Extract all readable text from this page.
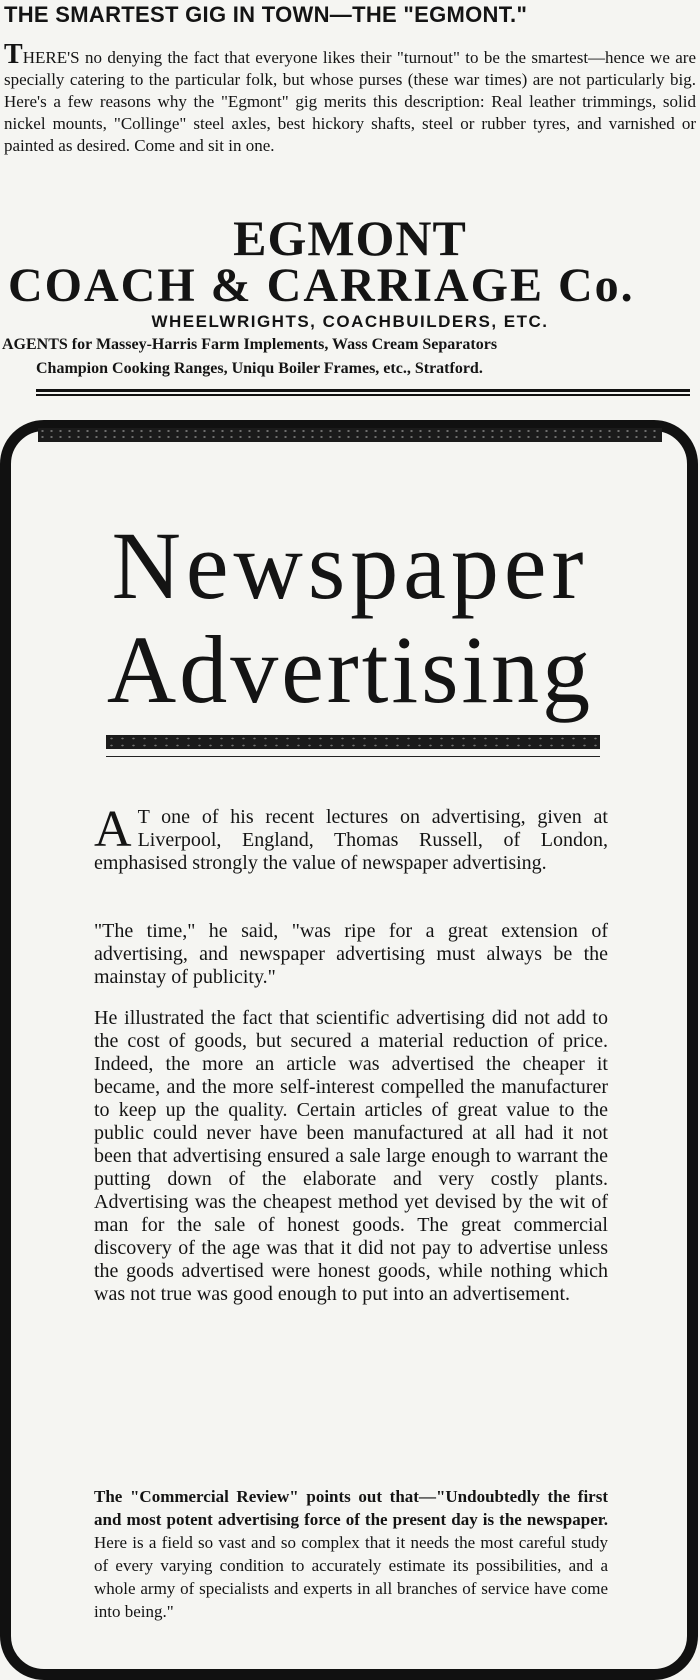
THE SMARTEST GIG IN TOWN—THE "EGMONT."

THERE'S no denying the fact that everyone likes their "turnout" to be the smartest—hence we are specially catering to the particular folk, but whose purses (these war times) are not particularly big. Here's a few reasons why the "Egmont" gig merits this description: Real leather trimmings, solid nickel mounts, "Collinge" steel axles, best hickory shafts, steel or rubber tyres, and varnished or painted as desired. Come and sit in one.

EGMONT
COACH & CARRIAGE Co.
WHEELWRIGHTS, COACHBUILDERS, ETC.
AGENTS for Massey-Harris Farm Implements, Wass Cream Separators
Champion Cooking Ranges, Uniqu Boiler Frames, etc., Stratford.
Newspaper
Advertising

A T one of his recent lectures on advertising, given at Liverpool, England, Thomas Russell, of London, emphasised strongly the value of newspaper advertising.

"The time," he said, "was ripe for a great extension of advertising, and newspaper advertising must always be the mainstay of publicity."

He illustrated the fact that scientific advertising did not add to the cost of goods, but secured a material reduction of price. Indeed, the more an article was advertised the cheaper it became, and the more self-interest compelled the manufacturer to keep up the quality. Certain articles of great value to the public could never have been manufactured at all had it not been that advertising ensured a sale large enough to warrant the putting down of the elaborate and very costly plants. Advertising was the cheapest method yet devised by the wit of man for the sale of honest goods. The great commercial discovery of the age was that it did not pay to advertise unless the goods advertised were honest goods, while nothing which was not true was good enough to put into an advertisement.

The "Commercial Review" points out that—"Undoubtedly the first and most potent advertising force of the present day is the newspaper. Here is a field so vast and so complex that it needs the most careful study of every varying condition to accurately estimate its possibilities, and a whole army of specialists and experts in all branches of service have come into being."
